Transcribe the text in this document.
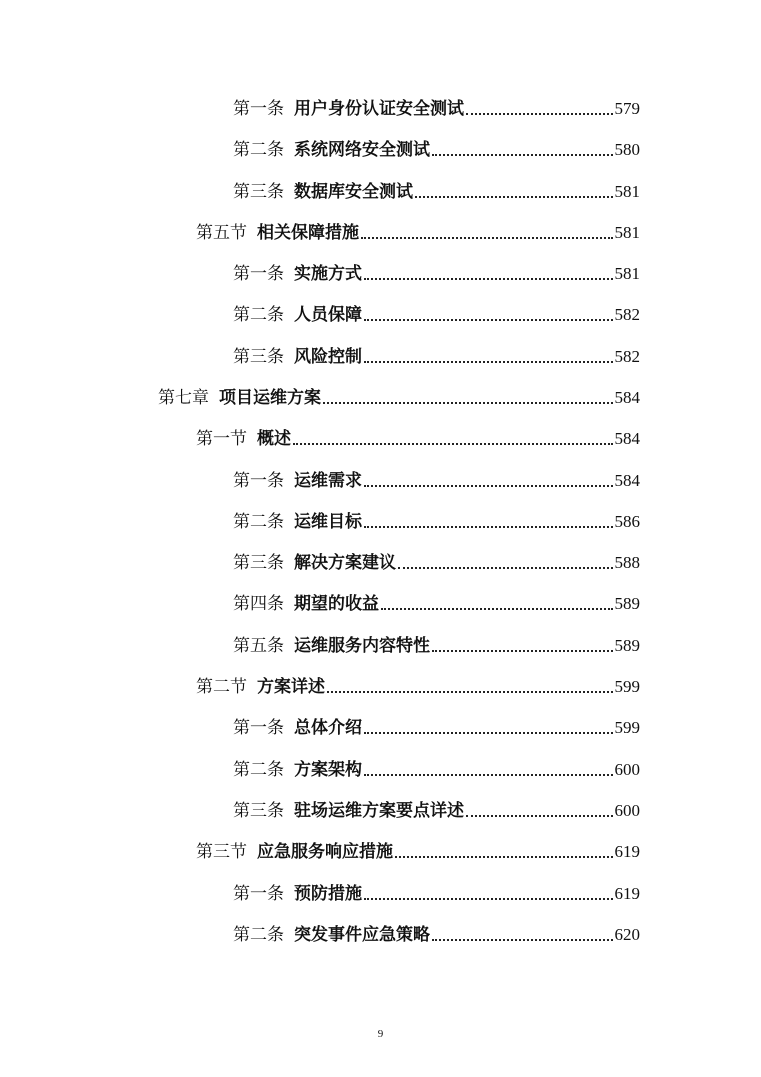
第一条 用户身份认证安全测试	579
第二条 系统网络安全测试	580
第三条 数据库安全测试	581
第五节 相关保障措施	581
第一条 实施方式	581
第二条 人员保障	582
第三条 风险控制	582
第七章 项目运维方案	584
第一节 概述	584
第一条 运维需求	584
第二条 运维目标	586
第三条 解决方案建议	588
第四条 期望的收益	589
第五条 运维服务内容特性	589
第二节 方案详述	599
第一条 总体介绍	599
第二条 方案架构	600
第三条 驻场运维方案要点详述	600
第三节 应急服务响应措施	619
第一条 预防措施	619
第二条 突发事件应急策略	620
9
